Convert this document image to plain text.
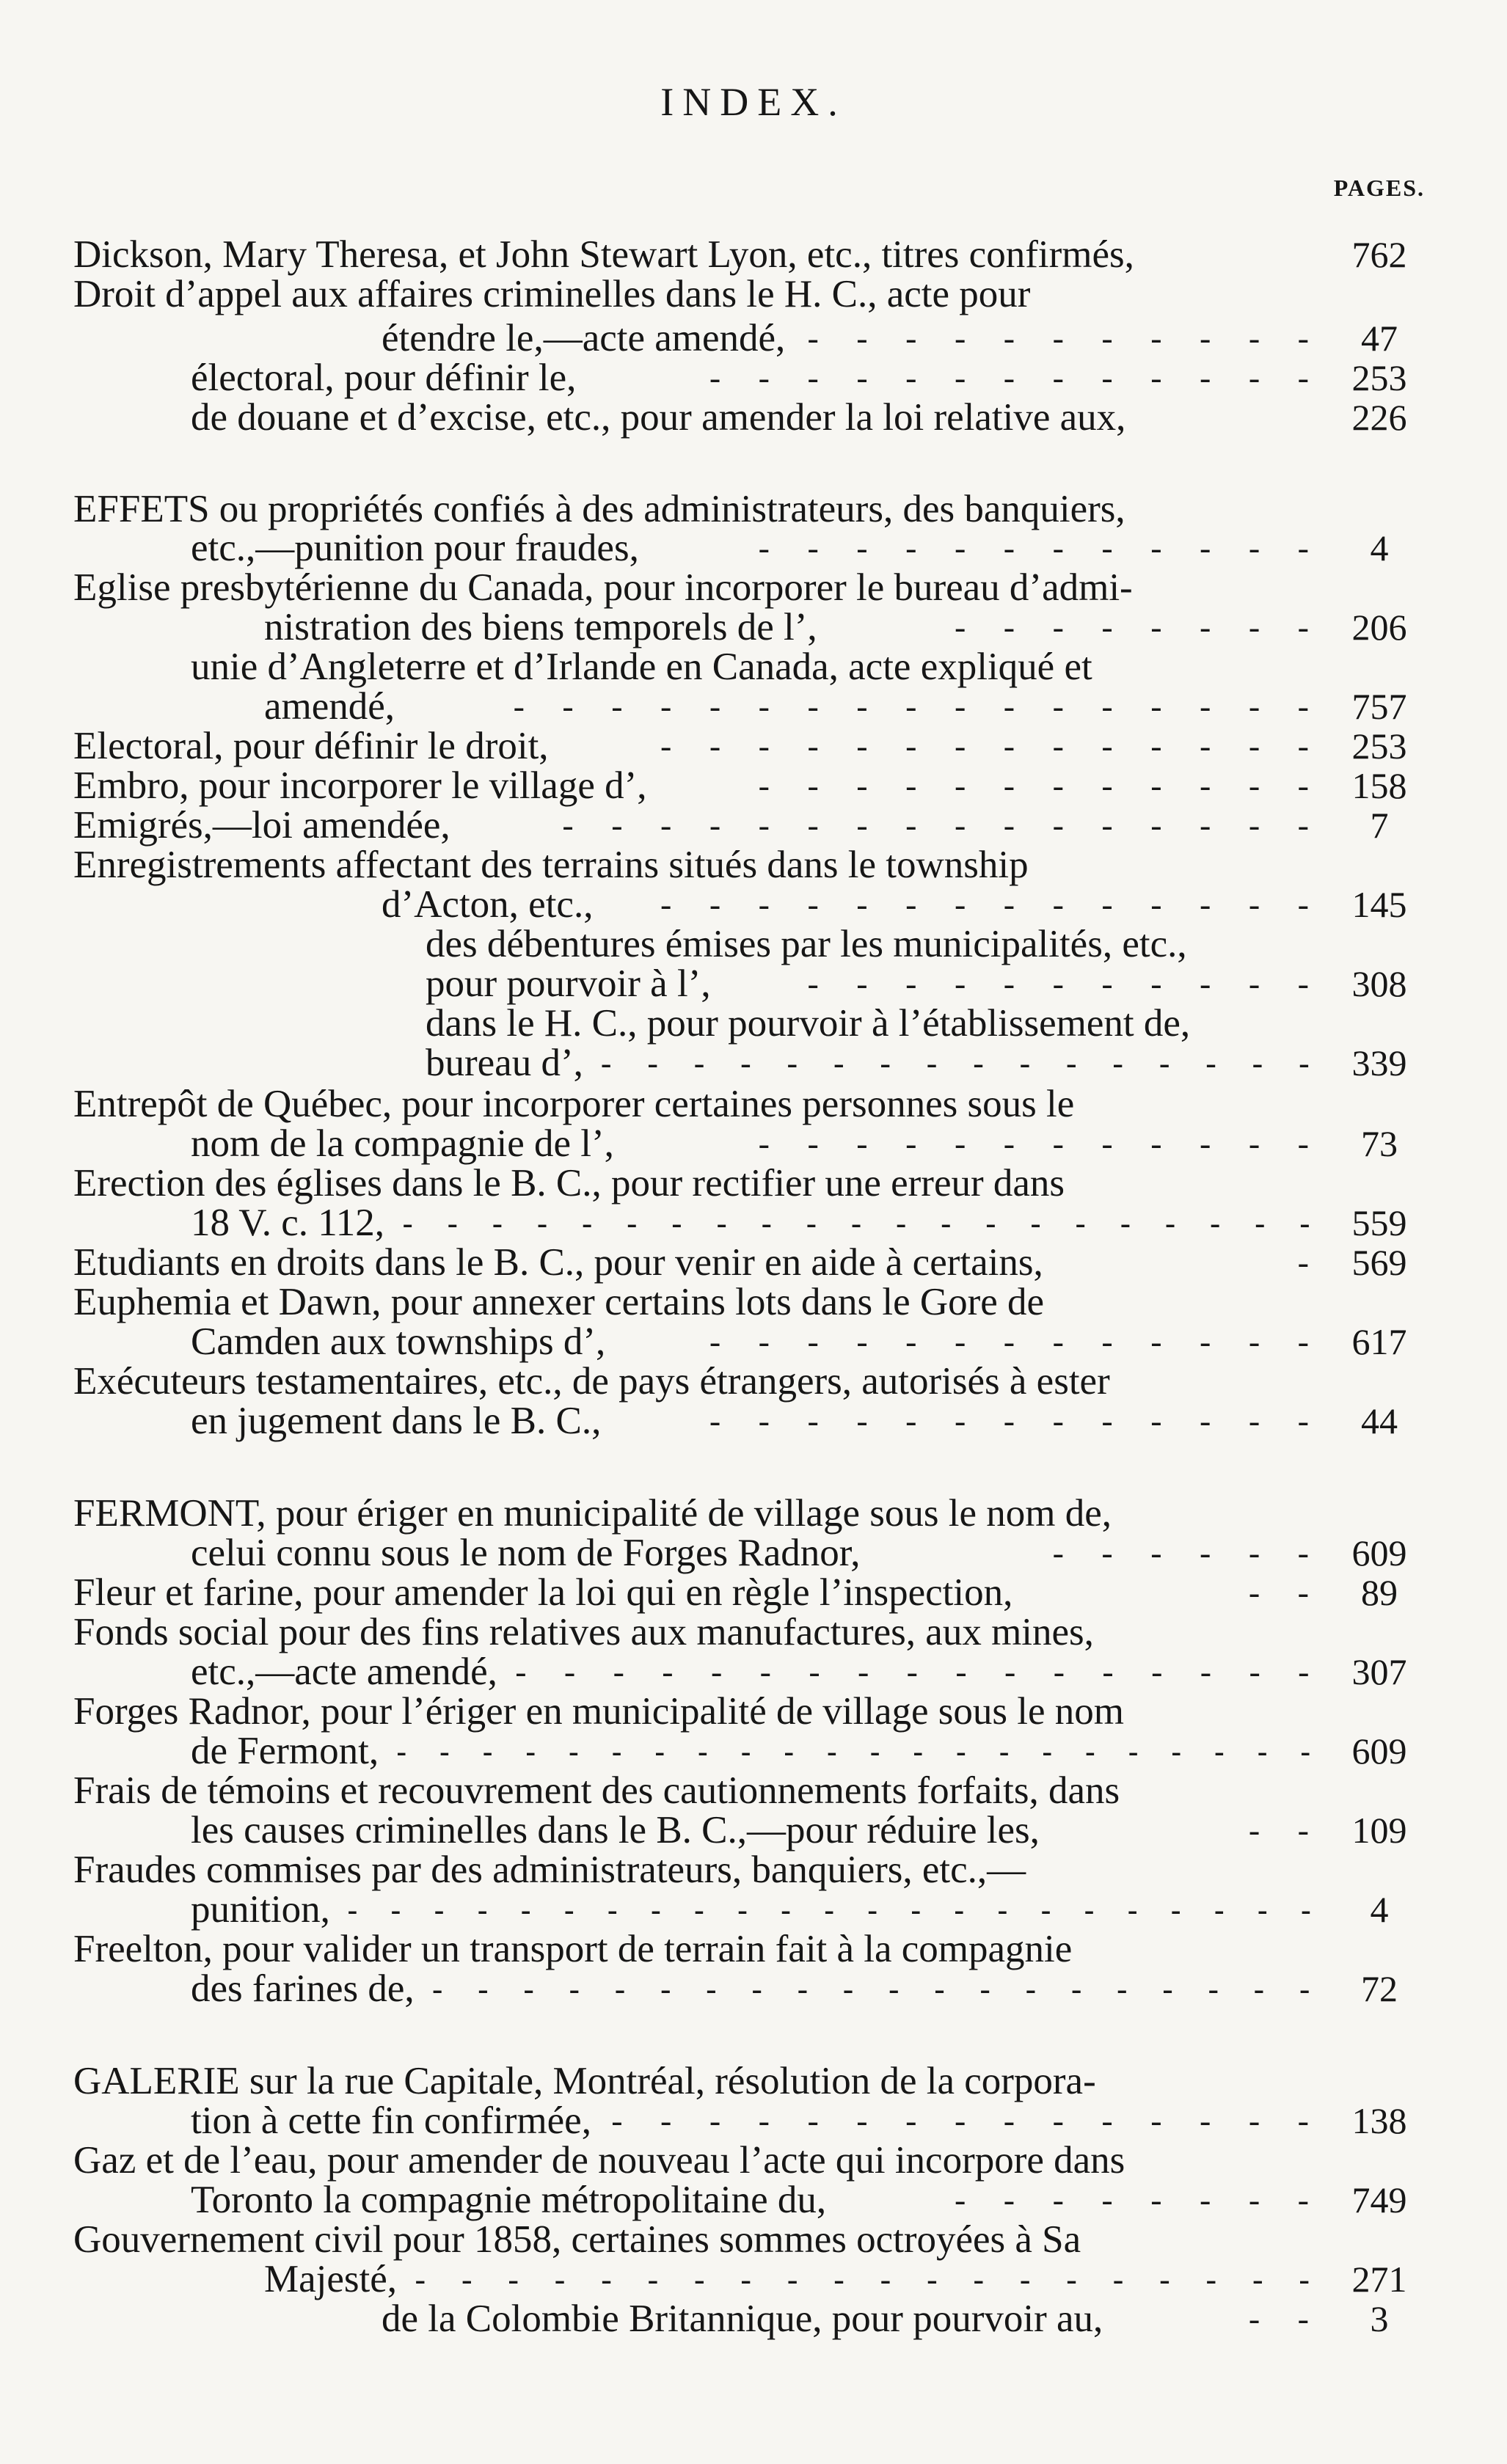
INDEX.
PAGES.
Dickson, Mary Theresa, et John Stewart Lyon, etc., titres confirmés,	762
Droit d’appel aux affaires criminelles dans le H. C., acte pour
étendre le,—acte amendé, - - - - - - - - - - -	47
électoral, pour définir le,	- - - - - - - - - - - - - 253
de douane et d’excise, etc., pour amender la loi relative aux,	226
EFFETS ou propriétés confiés à des administrateurs, des banquiers,
etc.,—punition pour fraudes,	- - - - - - - - - - - -	4
Eglise presbytérienne du Canada, pour incorporer le bureau d’admi-
nistration des biens temporels de l’,	- - - - - - - - 206
unie d’Angleterre et d’Irlande en Canada, acte expliqué et
amendé,	- - - - - - - - - - - - - - - - - 757
Electoral, pour définir le droit,	- - - - - - - - - - - - - - 253
Embro, pour incorporer le village d’,	- - - - - - - - - - - - 158
Emigrés,—loi amendée,	- - - - - - - - - - - - - - - -	7
Enregistrements affectant des terrains situés dans le township
d’Acton, etc., - - - - - - - - - - - - - - 145
des débentures émises par les municipalités, etc.,
pour pourvoir à l’,	- - - - - - - - - - - 308
dans le H. C., pour pourvoir à l’établissement de,
bureau d’, - - - - - - - - - - - - - - - - 339
Entrepôt de Québec, pour incorporer certaines personnes sous le
nom de la compagnie de l’,	- - - - - - - - - - - -	73
Erection des églises dans le B. C., pour rectifier une erreur dans
18 V. c. 112, - - - - - - - - - - - - - - - - - - - - - 559
Etudiants en droits dans le B. C., pour venir en aide à certains,	- 569
Euphemia et Dawn, pour annexer certains lots dans le Gore de
Camden aux townships d’,	- - - - - - - - - - - - - 617
Exécuteurs testamentaires, etc., de pays étrangers, autorisés à ester
en jugement dans le B. C.,	- - - - - - - - - - - - -	44
FERMONT, pour ériger en municipalité de village sous le nom de,
celui connu sous le nom de Forges Radnor,	- - - - - - 609
Fleur et farine, pour amender la loi qui en règle l’inspection,	- -	89
Fonds social pour des fins relatives aux manufactures, aux mines,
etc.,—acte amendé, - - - - - - - - - - - - - - - - - 307
Forges Radnor, pour l’ériger en municipalité de village sous le nom
de Fermont, - - - - - - - - - - - - - - - - - - - - - - 609
Frais de témoins et recouvrement des cautionnements forfaits, dans
les causes criminelles dans le B. C.,—pour réduire les,	- - 109
Fraudes commises par des administrateurs, banquiers, etc.,—
punition, - - - - - - - - - - - - - - - - - - - - - - -	4
Freelton, pour valider un transport de terrain fait à la compagnie
des farines de, - - - - - - - - - - - - - - - - - - - -	72
GALERIE sur la rue Capitale, Montréal, résolution de la corpora-
tion à cette fin confirmée, - - - - - - - - - - - - - - - 138
Gaz et de l’eau, pour amender de nouveau l’acte qui incorpore dans
Toronto la compagnie métropolitaine du,	- - - - - - - - 749
Gouvernement civil pour 1858, certaines sommes octroyées à Sa
Majesté, - - - - - - - - - - - - - - - - - - - - 271
de la Colombie Britannique, pour pourvoir au,	- -	3
